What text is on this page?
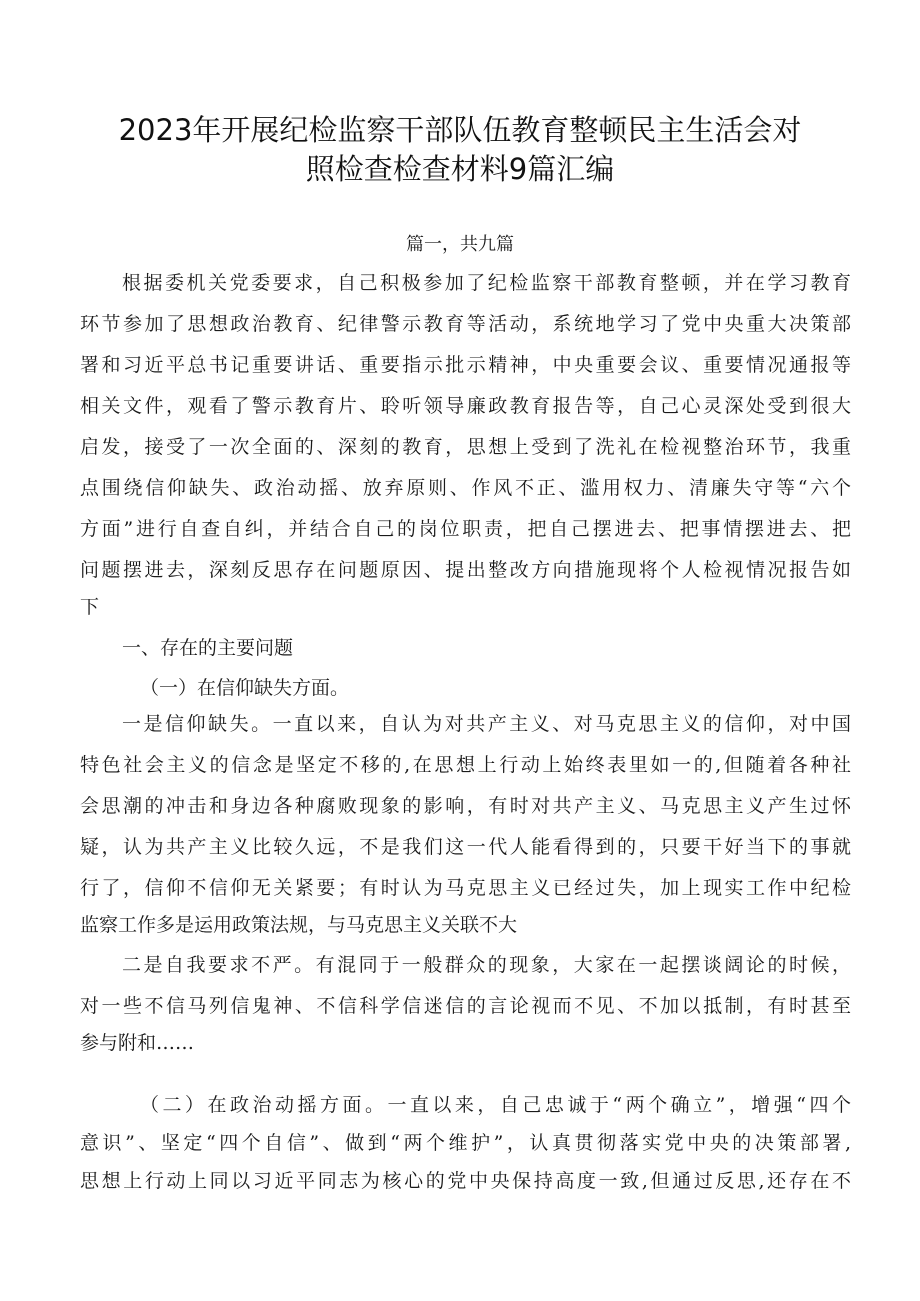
2023年开展纪检监察干部队伍教育整顿民主生活会对
照检查检查材料9篇汇编
篇一，共九篇
根据委机关党委要求，自己积极参加了纪检监察干部教育整顿，并在学习教育
环节参加了思想政治教育、纪律警示教育等活动，系统地学习了党中央重大决策部
署和习近平总书记重要讲话、重要指示批示精神，中央重要会议、重要情况通报等
相关文件，观看了警示教育片、聆听领导廉政教育报告等，自己心灵深处受到很大
启发，接受了一次全面的、深刻的教育，思想上受到了洗礼在检视整治环节，我重
点围绕信仰缺失、政治动摇、放弃原则、作风不正、滥用权力、清廉失守等“六个
方面”进行自查自纠，并结合自己的岗位职责，把自己摆进去、把事情摆进去、把
问题摆进去，深刻反思存在问题原因、提出整改方向措施现将个人检视情况报告如
下
一、存在的主要问题
（一）在信仰缺失方面。
一是信仰缺失。一直以来，自认为对共产主义、对马克思主义的信仰，对中国
特色社会主义的信念是坚定不移的,在思想上行动上始终表里如一的,但随着各种社
会思潮的冲击和身边各种腐败现象的影响，有时对共产主义、马克思主义产生过怀
疑，认为共产主义比较久远，不是我们这一代人能看得到的，只要干好当下的事就
行了，信仰不信仰无关紧要；有时认为马克思主义已经过失，加上现实工作中纪检
监察工作多是运用政策法规，与马克思主义关联不大
二是自我要求不严。有混同于一般群众的现象，大家在一起摆谈阔论的时候，
对一些不信马列信鬼神、不信科学信迷信的言论视而不见、不加以抵制，有时甚至
参与附和……
（二）在政治动摇方面。一直以来，自己忠诚于“两个确立”，增强“四个
意识”、坚定“四个自信”、做到“两个维护”，认真贯彻落实党中央的决策部署,
思想上行动上同以习近平同志为核心的党中央保持高度一致,但通过反思,还存在不
